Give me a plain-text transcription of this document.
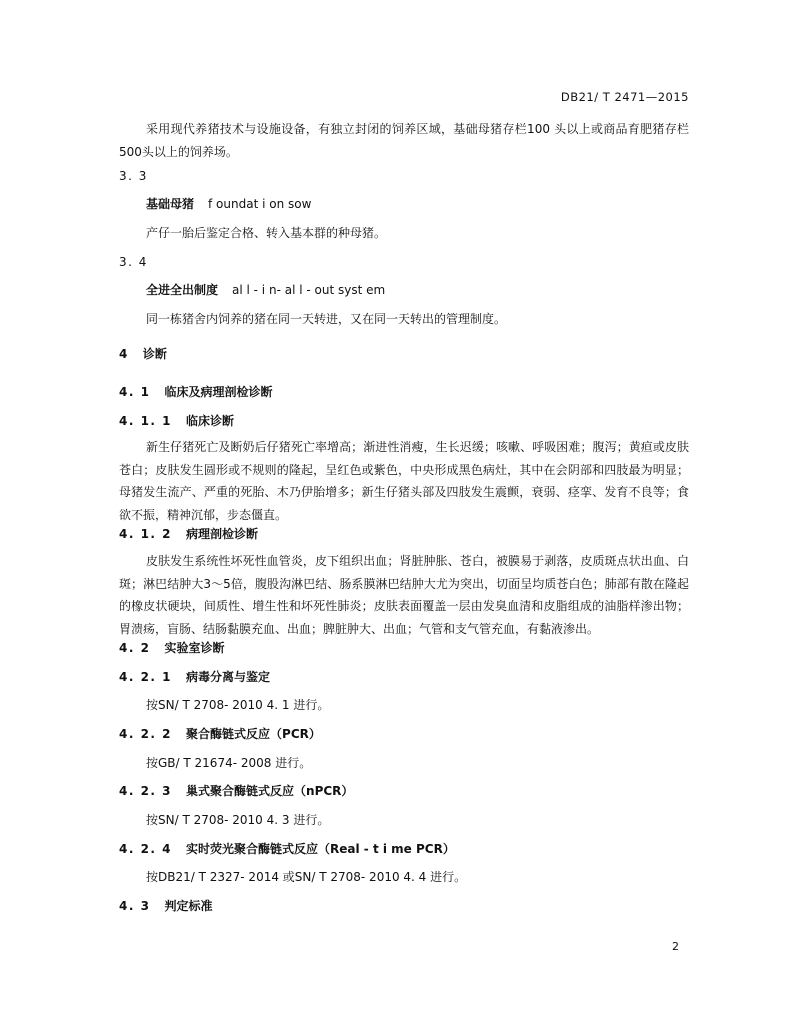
DB21/ T 2471—2015

采用现代养猪技术与设施设备，有独立封闭的饲养区域，基础母猪存栏100 头以上或商品育肥猪存栏500头以上的饲养场。

3. 3

基础母猪 f oundat i on sow

产仔一胎后鉴定合格、转入基本群的种母猪。

3. 4

全进全出制度 al l - i n- al l - out syst em

同一栋猪舍内饲养的猪在同一天转进，又在同一天转出的管理制度。

4 诊断

4. 1 临床及病理剖检诊断

4. 1. 1 临床诊断

新生仔猪死亡及断奶后仔猪死亡率增高；渐进性消瘦，生长迟缓；咳嗽、呼吸困难；腹泻；黄疸或皮肤苍白；皮肤发生圆形或不规则的隆起，呈红色或紫色，中央形成黑色病灶，其中在会阴部和四肢最为明显；母猪发生流产、严重的死胎、木乃伊胎增多；新生仔猪头部及四肢发生震颤，衰弱、痉挛、发育不良等；食欲不振，精神沉郁，步态僵直。

4. 1. 2 病理剖检诊断

皮肤发生系统性坏死性血管炎，皮下组织出血；肾脏肿胀、苍白，被膜易于剥落，皮质斑点状出血、白斑；淋巴结肿大3～5倍，腹股沟淋巴结、肠系膜淋巴结肿大尤为突出，切面呈均质苍白色；肺部有散在隆起的橡皮状硬块，间质性、增生性和坏死性肺炎；皮肤表面覆盖一层由发臭血清和皮脂组成的油脂样渗出物；胃溃疡，盲肠、结肠黏膜充血、出血；脾脏肿大、出血；气管和支气管充血，有黏液渗出。

4. 2 实验室诊断

4. 2. 1 病毒分离与鉴定

按SN/ T 2708- 2010 4. 1 进行。

4. 2. 2 聚合酶链式反应（PCR）

按GB/ T 21674- 2008 进行。

4. 2. 3 巢式聚合酶链式反应（nPCR）

按SN/ T 2708- 2010 4. 3 进行。

4. 2. 4 实时荧光聚合酶链式反应（Real - t i me PCR）

按DB21/ T 2327- 2014 或SN/ T 2708- 2010 4. 4 进行。

4. 3 判定标准

2
